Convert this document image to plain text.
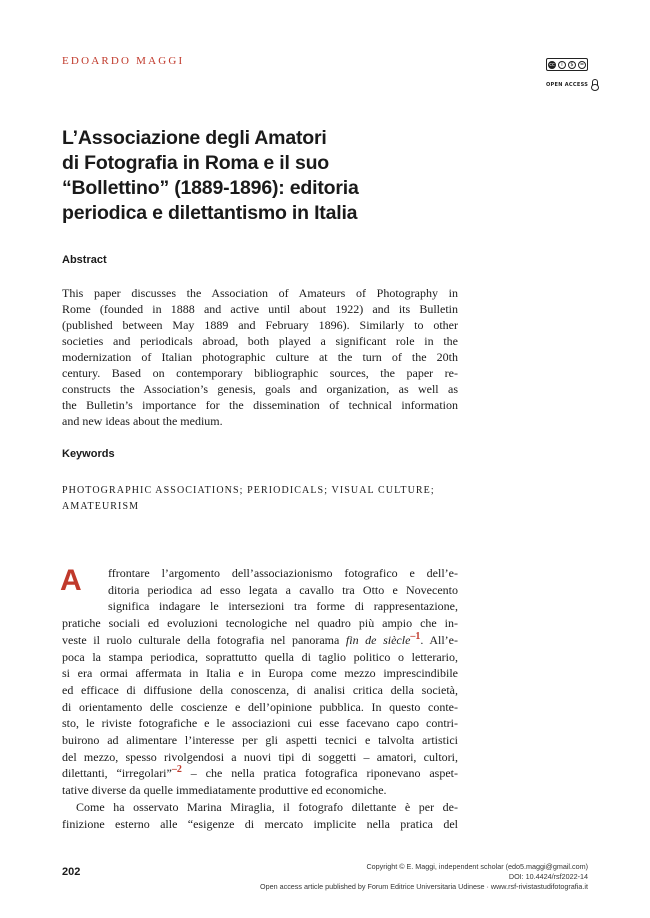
EDOARDO MAGGI	cc	i	$	=
OPEN ACCESS
L’Associazione degli Amatori
di Fotografia in Roma e il suo
“Bollettino” (1889-1896): editoria
periodica e dilettantismo in Italia
Abstract
This paper discusses the Association of Amateurs of Photography in
Rome (founded in 1888 and active until about 1922) and its Bulletin
(published between May 1889 and February 1896). Similarly to other
societies and periodicals abroad, both played a significant role in the
modernization of Italian photographic culture at the turn of the 20th
century. Based on contemporary bibliographic sources, the paper re-
constructs the Association’s genesis, goals and organization, as well as
the Bulletin’s importance for the dissemination of technical information
and new ideas about the medium.
Keywords
PHOTOGRAPHIC ASSOCIATIONS; PERIODICALS; VISUAL CULTURE;
AMATEURISM
A	ffrontare l’argomento dell’associazionismo fotografico e dell’e-
ditoria periodica ad esso legata a cavallo tra Otto e Novecento
significa indagare le intersezioni tra forme di rappresentazione,
pratiche sociali ed evoluzioni tecnologiche nel quadro più ampio che in-
veste il ruolo culturale della fotografia nel panorama fin de siècle$^{-1}$. All’e-
poca la stampa periodica, soprattutto quella di taglio politico o letterario,
si era ormai affermata in Italia e in Europa come mezzo imprescindibile
ed efficace di diffusione della conoscenza, di analisi critica della società,
di orientamento delle coscienze e dell’opinione pubblica. In questo conte-
sto, le riviste fotografiche e le associazioni cui esse facevano capo contri-
buirono ad alimentare l’interesse per gli aspetti tecnici e talvolta artistici
del mezzo, spesso rivolgendosi a nuovi tipi di soggetti – amatori, cultori,
dilettanti, “irregolari”$^{-2}$ – che nella pratica fotografica riponevano aspet-
tative diverse da quelle immediatamente produttive ed economiche.
Come ha osservato Marina Miraglia, il fotografo dilettante è per de-
finizione esterno alle “esigenze di mercato implicite nella pratica del
202	Copyright © E. Maggi, independent scholar (edo5.maggi@gmail.com)
DOI: 10.4424/rsf2022-14
Open access article published by Forum Editrice Universitaria Udinese · www.rsf-rivistastudifotografia.it
